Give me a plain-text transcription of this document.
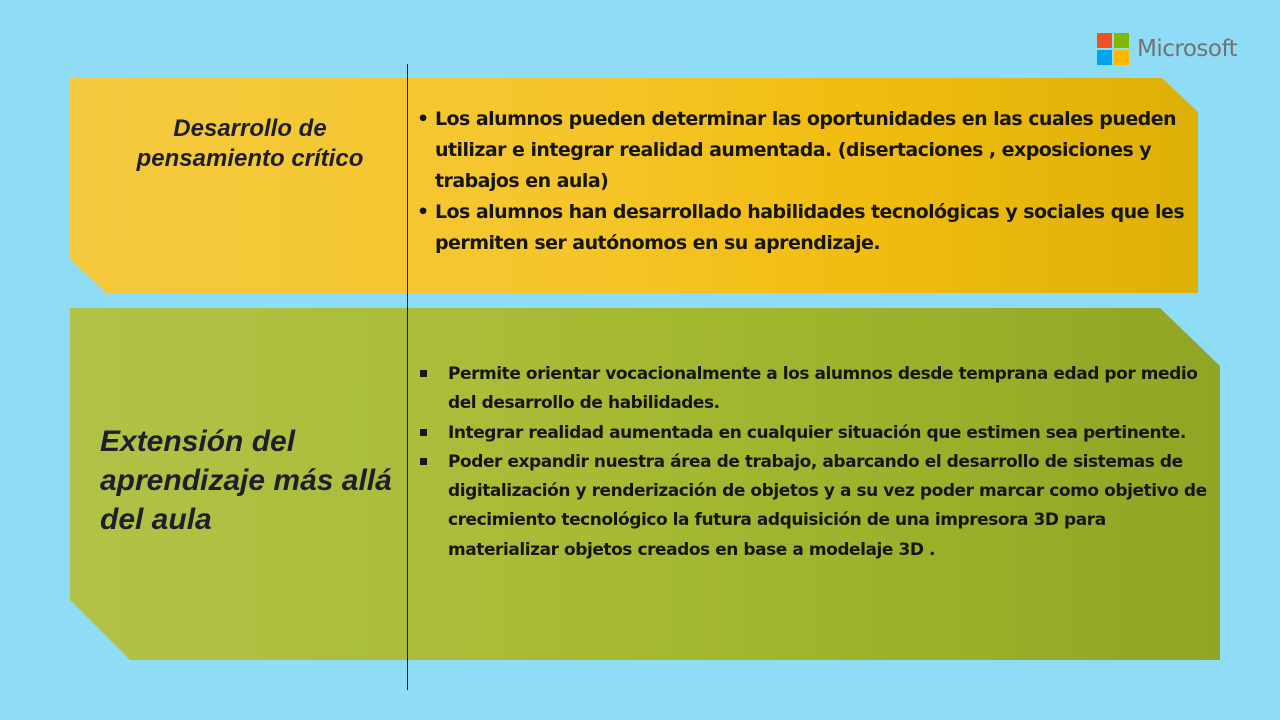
Microsoft
Desarrollo de pensamiento crítico
• Los alumnos pueden determinar las oportunidades en las cuales pueden utilizar e integrar realidad aumentada. (disertaciones , exposiciones y trabajos en aula)
• Los alumnos han desarrollado habilidades tecnológicas y sociales que les permiten ser autónomos en su aprendizaje.
Extensión del aprendizaje más allá del aula
Permite orientar vocacionalmente a los alumnos desde temprana edad por medio del desarrollo de habilidades.
Integrar realidad aumentada en cualquier situación que estimen sea pertinente.
Poder expandir nuestra área de trabajo, abarcando el desarrollo de sistemas de digitalización y renderización de objetos y a su vez poder marcar como objetivo de crecimiento tecnológico la futura adquisición de una impresora 3D para materializar objetos creados en base a modelaje 3D .
